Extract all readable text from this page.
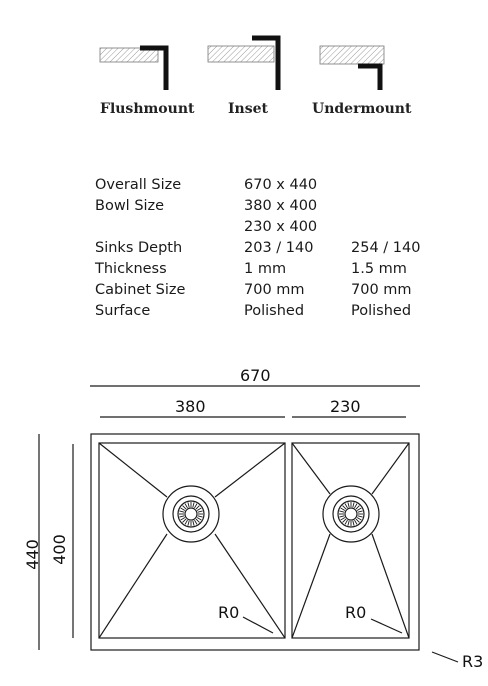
Flushmount Inset	Undermount
Overall Size	670 x 440
Bowl Size	380 x 400
230 x 400
Sinks Depth	203 / 140	254 / 140
Thickness	1 mm	1.5 mm
Cabinet Size	700 mm	700 mm
Surface	Polished	Polished
670
380	230
440 400
R0	R0
R3
